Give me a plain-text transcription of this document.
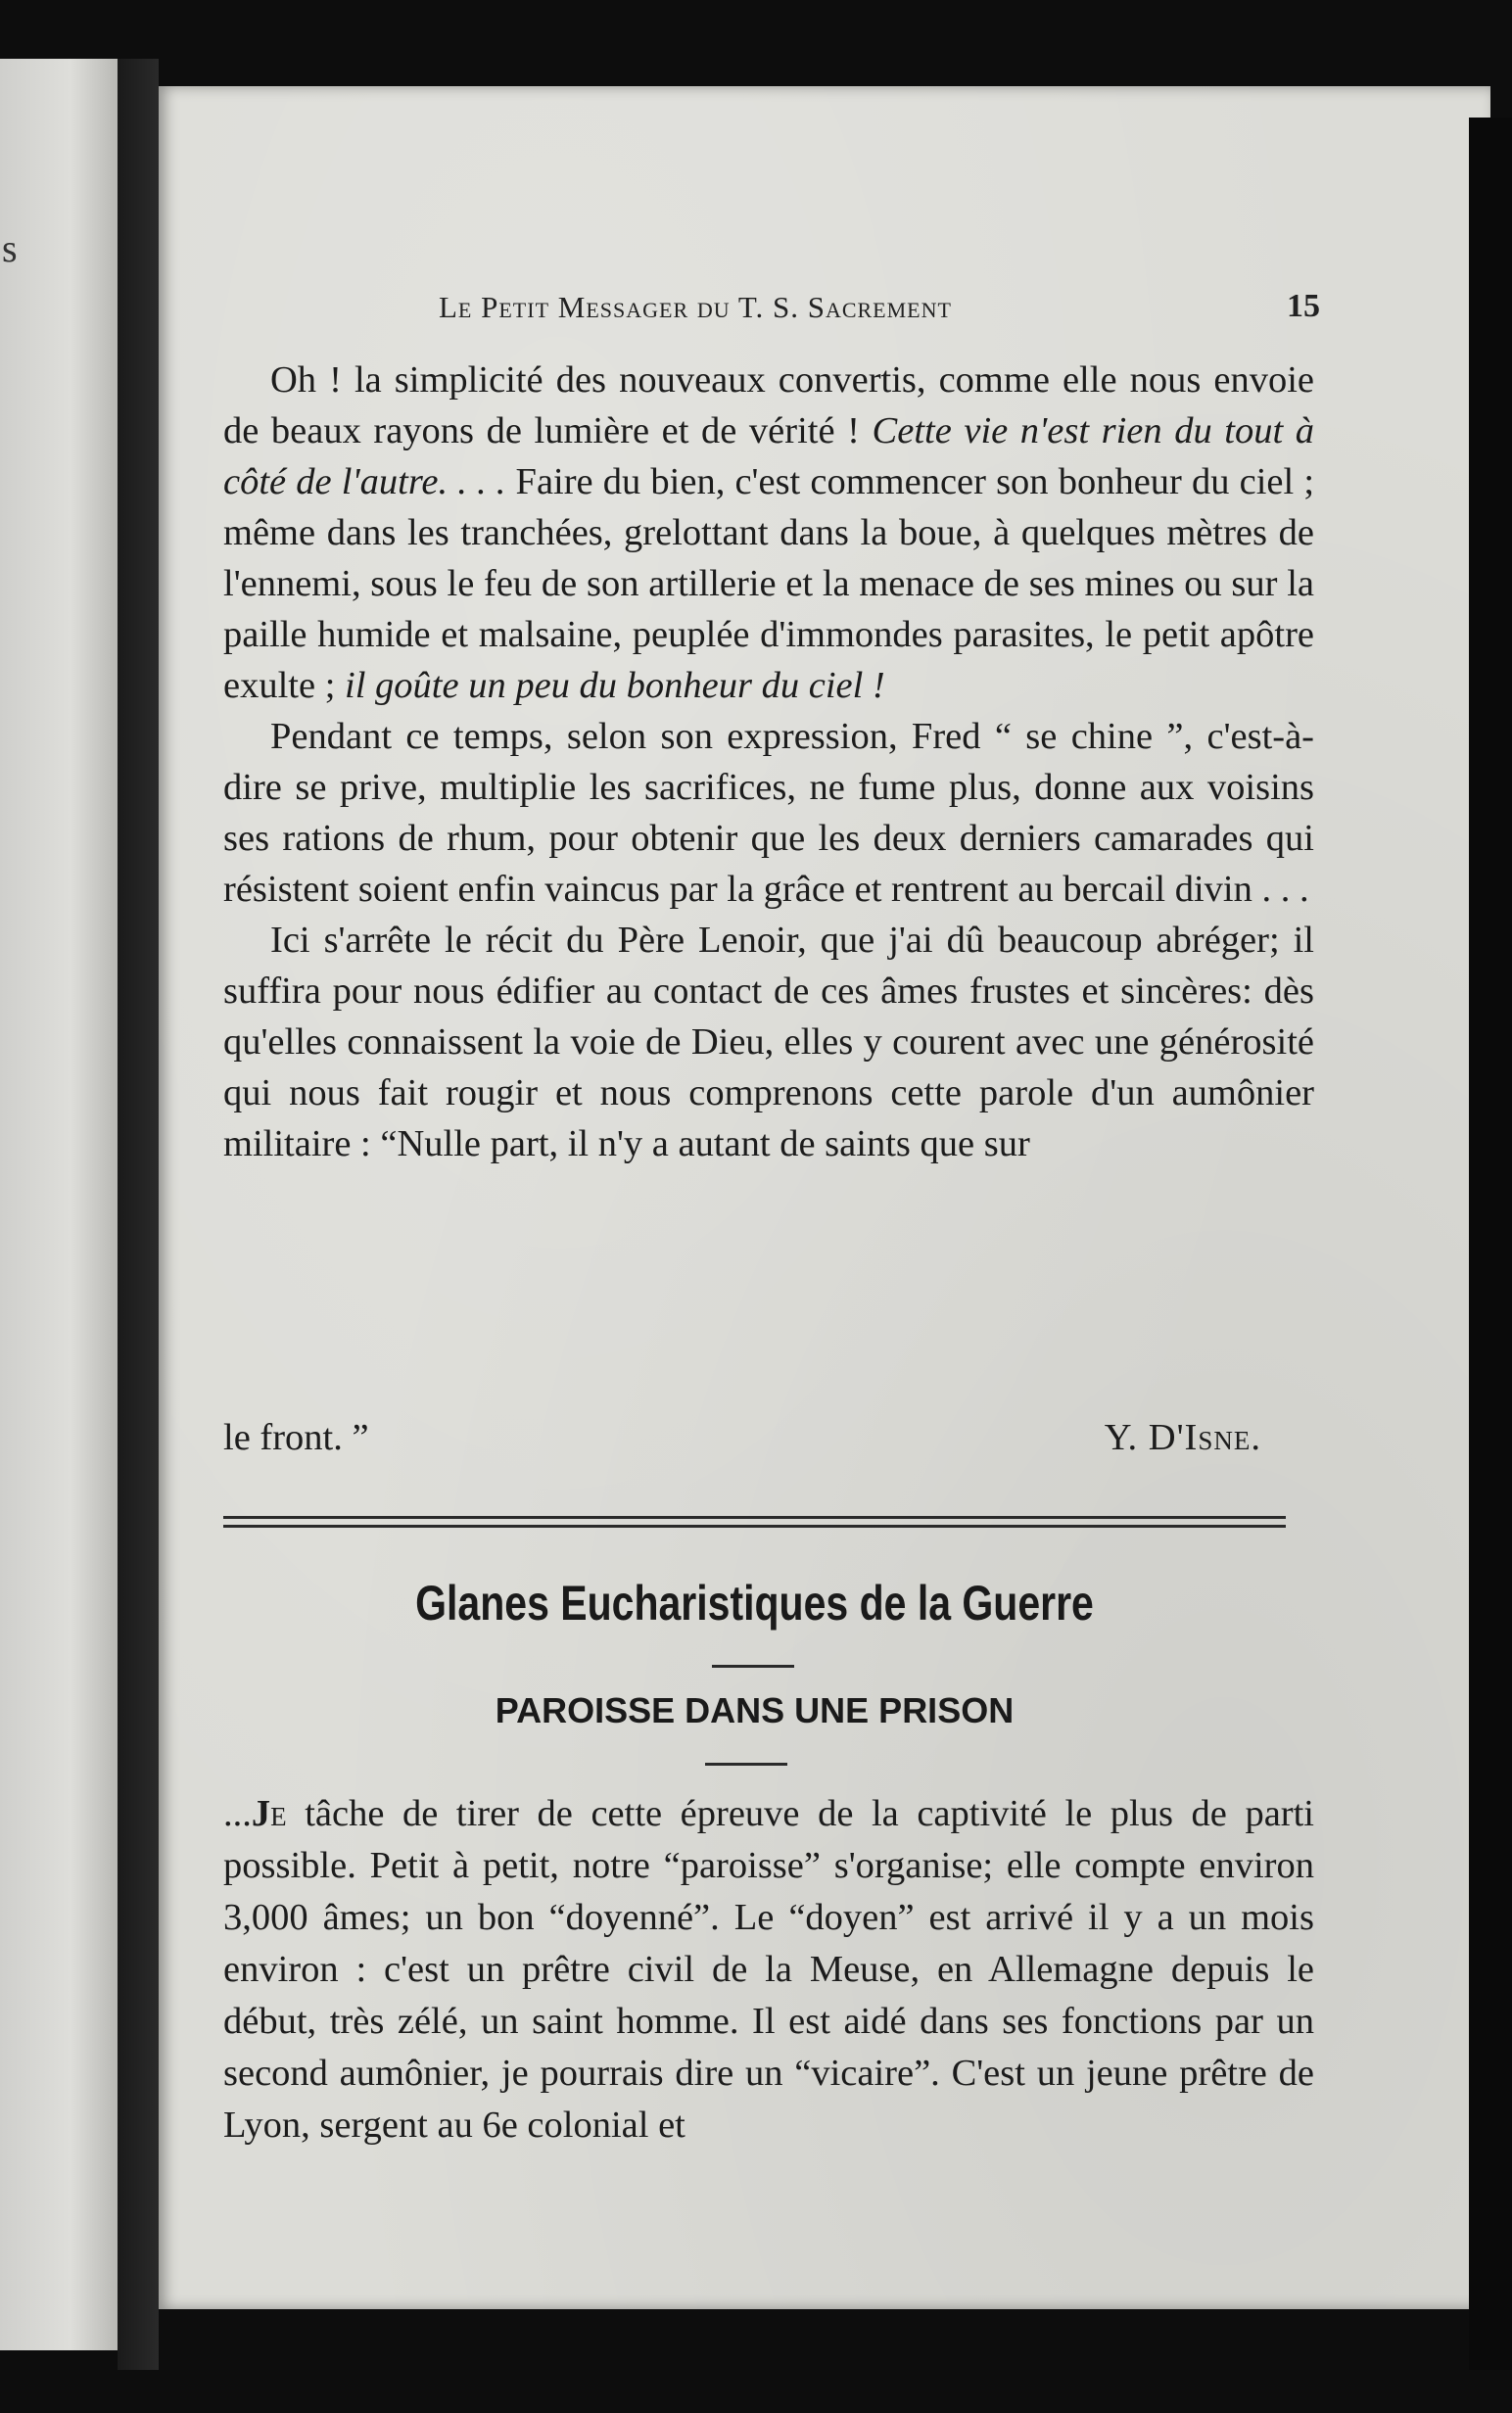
s
Le Petit Messager du T. S. Sacrement	15

Oh ! la simplicité des nouveaux convertis, comme elle nous envoie de beaux rayons de lumière et de vérité ! Cette vie n'est rien du tout à côté de l'autre. . . . Faire du bien, c'est commencer son bonheur du ciel ; même dans les tranchées, grelottant dans la boue, à quelques mètres de l'ennemi, sous le feu de son artillerie et la menace de ses mines ou sur la paille humide et malsaine, peuplée d'immondes parasites, le petit apôtre exulte ; il goûte un peu du bonheur du ciel !

Pendant ce temps, selon son expression, Fred “ se chine ”, c'est-à-dire se prive, multiplie les sacrifices, ne fume plus, donne aux voisins ses rations de rhum, pour obtenir que les deux derniers camarades qui résistent soient enfin vaincus par la grâce et rentrent au bercail divin . . .

Ici s'arrête le récit du Père Lenoir, que j'ai dû beaucoup abréger; il suffira pour nous édifier au contact de ces âmes frustes et sincères: dès qu'elles connaissent la voie de Dieu, elles y courent avec une générosité qui nous fait rougir et nous comprenons cette parole d'un aumônier militaire : “Nulle part, il n'y a autant de saints que sur

le front. ”	Y. D'Isne.
Glanes Eucharistiques de la Guerre
PAROISSE DANS UNE PRISON

...Je tâche de tirer de cette épreuve de la captivité le plus de parti possible. Petit à petit, notre “paroisse” s'organise; elle compte environ 3,000 âmes; un bon “doyenné”. Le “doyen” est arrivé il y a un mois environ : c'est un prêtre civil de la Meuse, en Allemagne depuis le début, très zélé, un saint homme. Il est aidé dans ses fonctions par un second aumônier, je pourrais dire un “vicaire”. C'est un jeune prêtre de Lyon, sergent au 6e colonial et
